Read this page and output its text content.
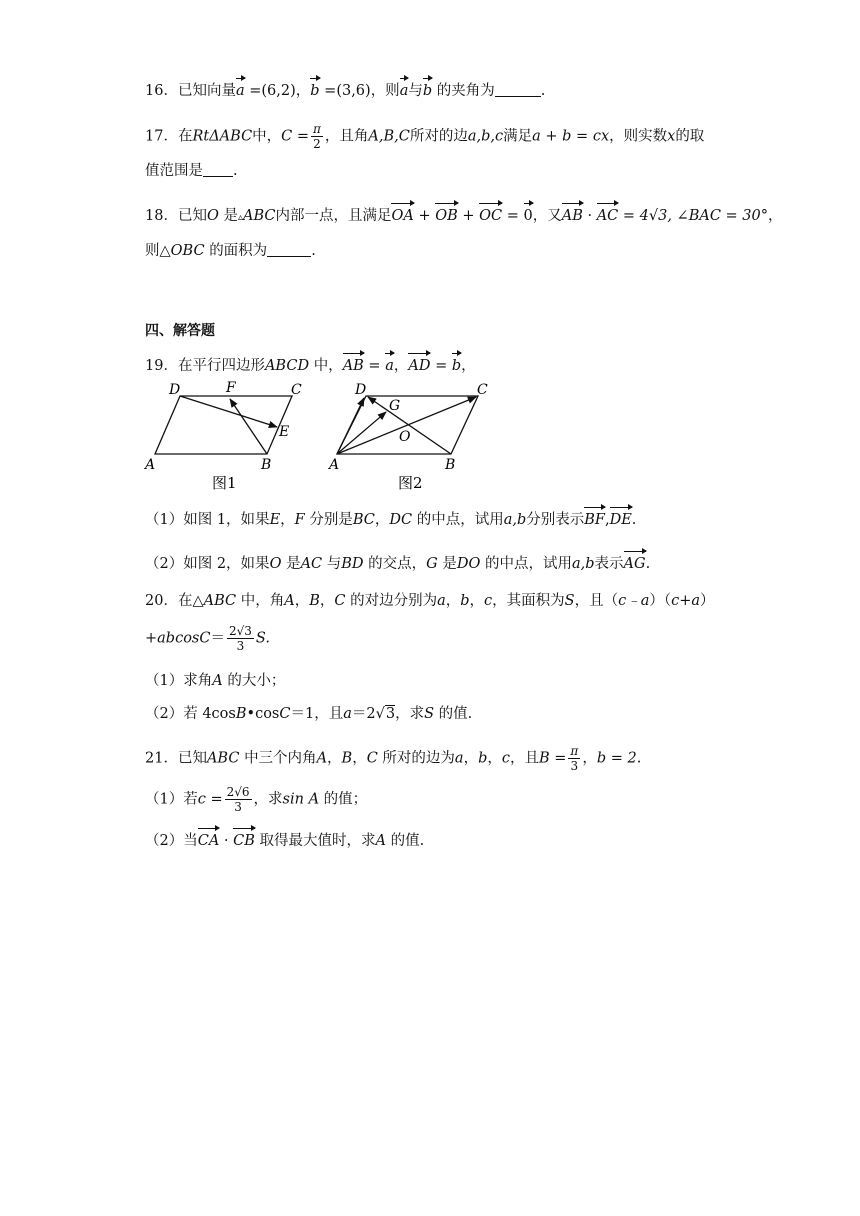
16．已知向量a =(6,2)，b =(3,6)，则a与b 的夹角为	.
17．在RtΔABC中，$C = \frac{\pi}{2}$ ，且角A,B,C所对的边a,b,c满足a + b = cx，则实数x的取
值范围是 .
18．已知O 是▵ABC内部一点，且满足OA + OB + OC = 0，又AB · AC = 4√3, ∠BAC = 30°，
则△OBC 的面积为	.
四、解答题
19．在平行四边形ABCD 中，AB = a，AD = b，
D	F	C
E
A	B
图1
D
G
C
O
A	B
图2
（1）如图 1，如果E，F 分别是BC，DC 的中点，试用a,b分别表示BF,DE.
（2）如图 2，如果O 是AC 与BD 的交点，G 是DO 的中点，试用a,b表示AG.
20．在△ABC 中，角A，B，C 的对边分别为a，b，c，其面积为S，且（c﹣a）（c+a）
$+abcosC= \frac{2√3}{3} S$.
（1）求角A 的大小；
（2）若 4cosB•cosC＝1，且a＝2√3，求S 的值.
21．已知ABC 中三个内角A，B，C 所对的边为a，b，c，且$B = \frac{\pi}{3}$ ，b = 2.
（1）若$c = \frac{2√6}{3}$ ，求sin A 的值；
（2）当CA · CB 取得最大值时，求A 的值.
